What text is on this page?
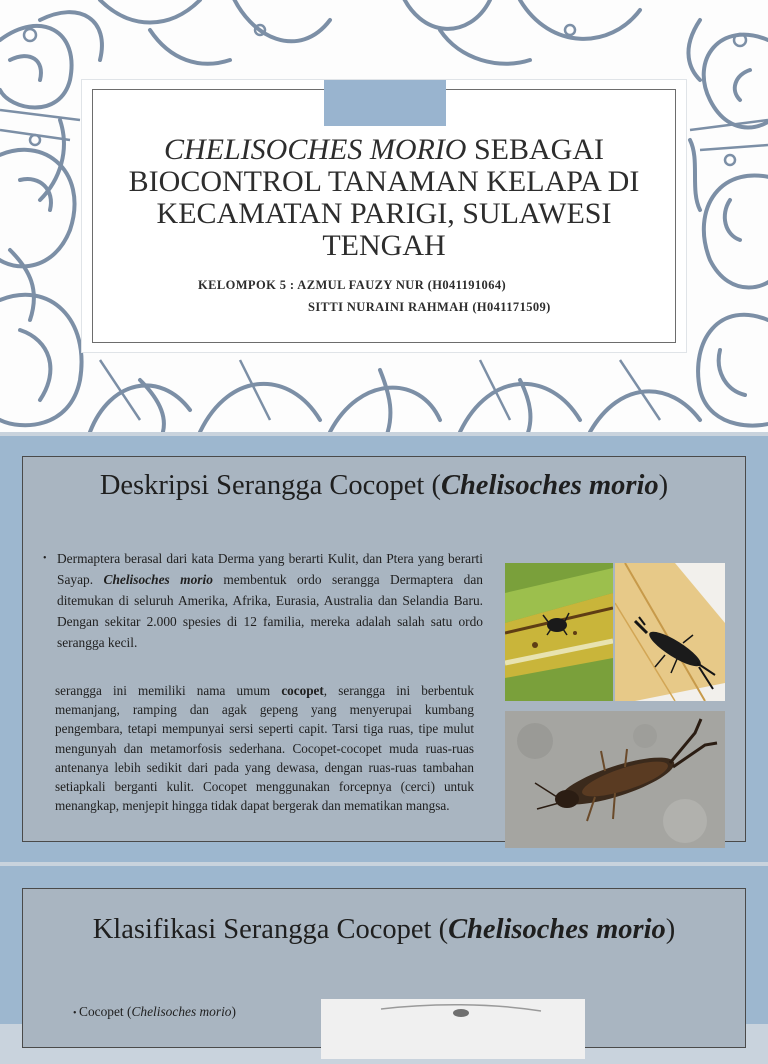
CHELISOCHES MORIO SEBAGAI BIOCONTROL TANAMAN KELAPA DI KECAMATAN PARIGI, SULAWESI TENGAH
KELOMPOK 5 : AZMUL FAUZY NUR (H041191064)
SITTI NURAINI RAHMAH (H041171509)
Deskripsi Serangga Cocopet (Chelisoches morio)
• Dermaptera berasal dari kata Derma yang berarti Kulit, dan Ptera yang berarti Sayap. Chelisoches morio membentuk ordo serangga Dermaptera dan ditemukan di seluruh Amerika, Afrika, Eurasia, Australia dan Selandia Baru. Dengan sekitar 2.000 spesies di 12 familia, mereka adalah salah satu ordo serangga kecil.
serangga ini memiliki nama umum cocopet, serangga ini berbentuk memanjang, ramping dan agak gepeng yang menyerupai kumbang pengembara, tetapi mempunyai sersi seperti capit. Tarsi tiga ruas, tipe mulut mengunyah dan metamorfosis sederhana. Cocopet-cocopet muda ruas-ruas antenanya lebih sedikit dari pada yang dewasa, dengan ruas-ruas tambahan setiapkali berganti kulit. Cocopet menggunakan forcepnya (cerci) untuk menangkap, menjepit hingga tidak dapat bergerak dan mematikan mangsa.
Klasifikasi Serangga Cocopet (Chelisoches morio)
• Cocopet (Chelisoches morio)
